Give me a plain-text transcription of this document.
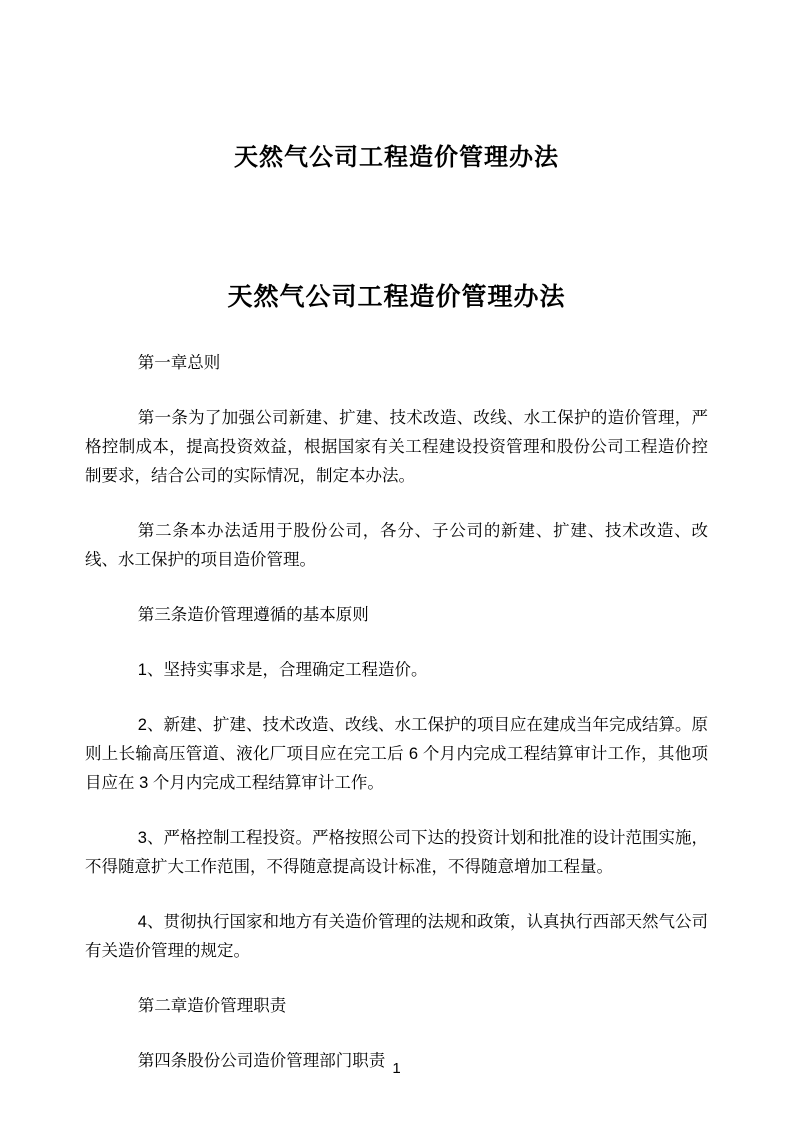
天然气公司工程造价管理办法
天然气公司工程造价管理办法

第一章总则

第一条为了加强公司新建、扩建、技术改造、改线、水工保护的造价管理，严格控制成本，提高投资效益，根据国家有关工程建设投资管理和股份公司工程造价控制要求，结合公司的实际情况，制定本办法。

第二条本办法适用于股份公司，各分、子公司的新建、扩建、技术改造、改线、水工保护的项目造价管理。

第三条造价管理遵循的基本原则

1、坚持实事求是，合理确定工程造价。

2、新建、扩建、技术改造、改线、水工保护的项目应在建成当年完成结算。原则上长输高压管道、液化厂项目应在完工后 6 个月内完成工程结算审计工作，其他项目应在 3 个月内完成工程结算审计工作。

3、严格控制工程投资。严格按照公司下达的投资计划和批准的设计范围实施，不得随意扩大工作范围，不得随意提高设计标准，不得随意增加工程量。

4、贯彻执行国家和地方有关造价管理的法规和政策，认真执行西部天然气公司有关造价管理的规定。

第二章造价管理职责

第四条股份公司造价管理部门职责 1
